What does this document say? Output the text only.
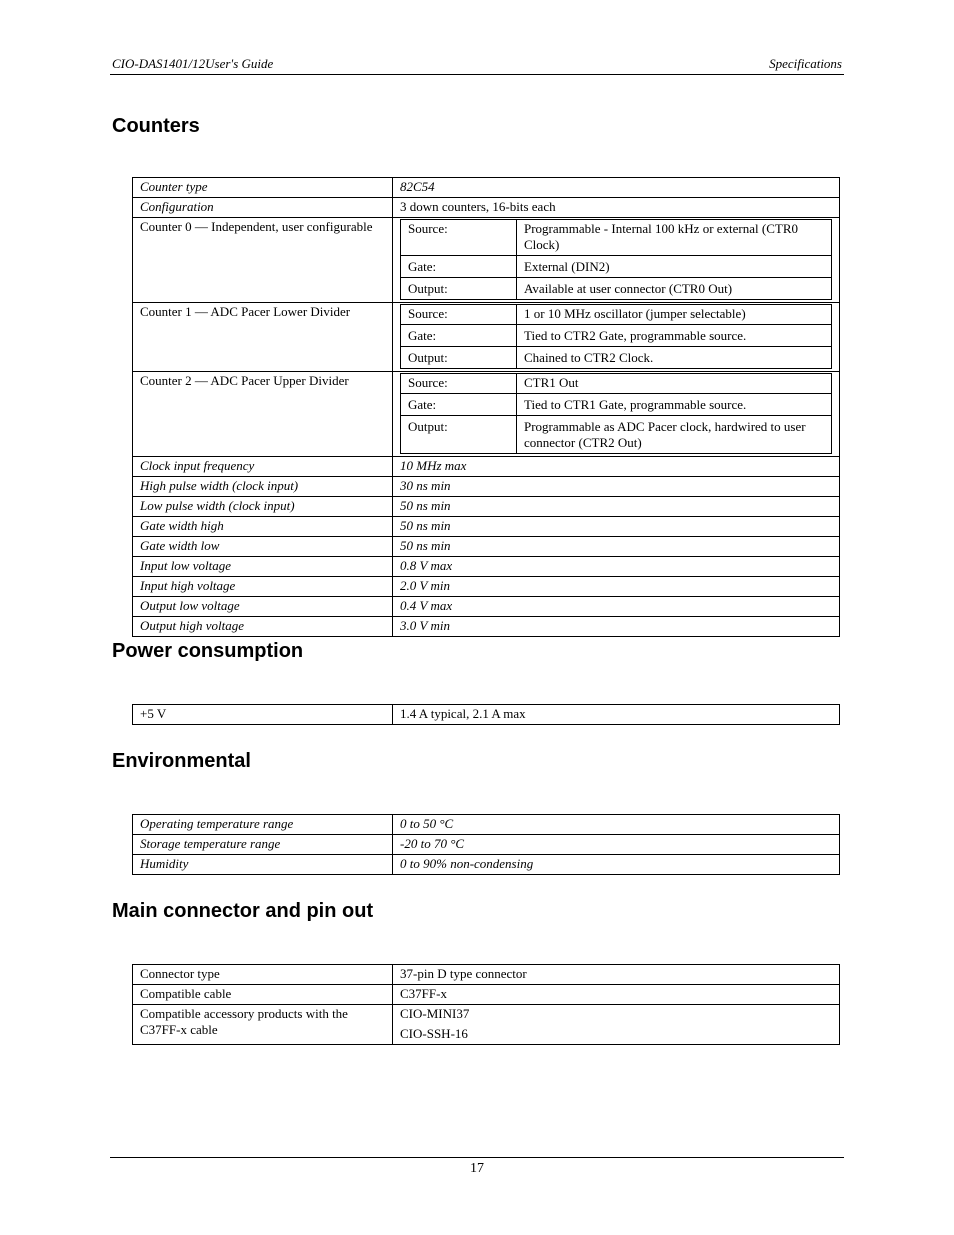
CIO-DAS1401/12User's Guide	Specifications
Counters
Counter type	82C54
Configuration	3 down counters, 16-bits each
Counter 0 — Independent, user configurable		Source:	Programmable - Internal 100 kHz or external (CTR0 Clock)
Gate:	External (DIN2)
Output:	Available at user connector (CTR0 Out)

Counter 1 — ADC Pacer Lower Divider		Source:	1 or 10 MHz oscillator (jumper selectable)
Gate:	Tied to CTR2 Gate, programmable source.
Output:	Chained to CTR2 Clock.

Counter 2 — ADC Pacer Upper Divider		Source:	CTR1 Out
Gate:	Tied to CTR1 Gate, programmable source.
Output:	Programmable as ADC Pacer clock, hardwired to user connector (CTR2 Out)

Clock input frequency	10 MHz max
High pulse width (clock input)	30 ns min
Low pulse width (clock input)	50 ns min
Gate width high	50 ns min
Gate width low	50 ns min
Input low voltage	0.8 V max
Input high voltage	2.0 V min
Output low voltage	0.4 V max
Output high voltage	3.0 V min
Power consumption
+5 V	1.4 A typical, 2.1 A max
Environmental
Operating temperature range	0 to 50 °C
Storage temperature range	-20 to 70 °C
Humidity	0 to 90% non-condensing
Main connector and pin out
Connector type	37-pin D type connector
Compatible cable	C37FF-x
Compatible accessory products with the C37FF-x cable	CIO-MINI37
CIO-SSH-16
17
